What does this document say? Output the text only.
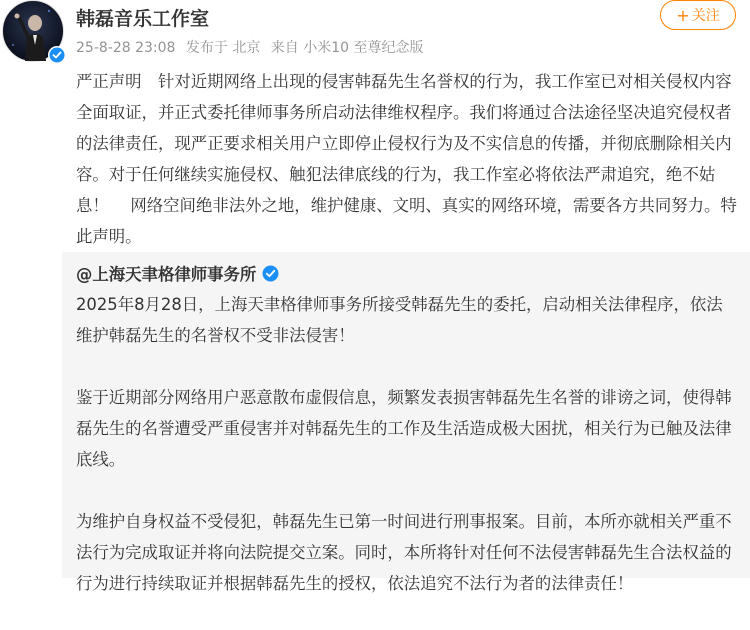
韩磊音乐工作室
25-8-28 23:08 发布于 北京 来自 小米10 至尊纪念版
+ 关注

严正声明　针对近期网络上出现的侵害韩磊先生名誉权的行为，我工作室已对相关侵权内容全面取证，并正式委托律师事务所启动法律维权程序。我们将通过合法途径坚决追究侵权者的法律责任，现严正要求相关用户立即停止侵权行为及不实信息的传播，并彻底删除相关内容。对于任何继续实施侵权、触犯法律底线的行为，我工作室必将依法严肃追究，绝不姑息！　 网络空间绝非法外之地，维护健康、文明、真实的网络环境，需要各方共同努力。特此声明。

@上海天聿格律师事务所

2025年8月28日，上海天聿格律师事务所接受韩磊先生的委托，启动相关法律程序，依法维护韩磊先生的名誉权不受非法侵害！

鉴于近期部分网络用户恶意散布虚假信息，频繁发表损害韩磊先生名誉的诽谤之词，使得韩磊先生的名誉遭受严重侵害并对韩磊先生的工作及生活造成极大困扰，相关行为已触及法律底线。

为维护自身权益不受侵犯，韩磊先生已第一时间进行刑事报案。目前，本所亦就相关严重不法行为完成取证并将向法院提交立案。同时，本所将针对任何不法侵害韩磊先生合法权益的行为进行持续取证并根据韩磊先生的授权，依法追究不法行为者的法律责任！
